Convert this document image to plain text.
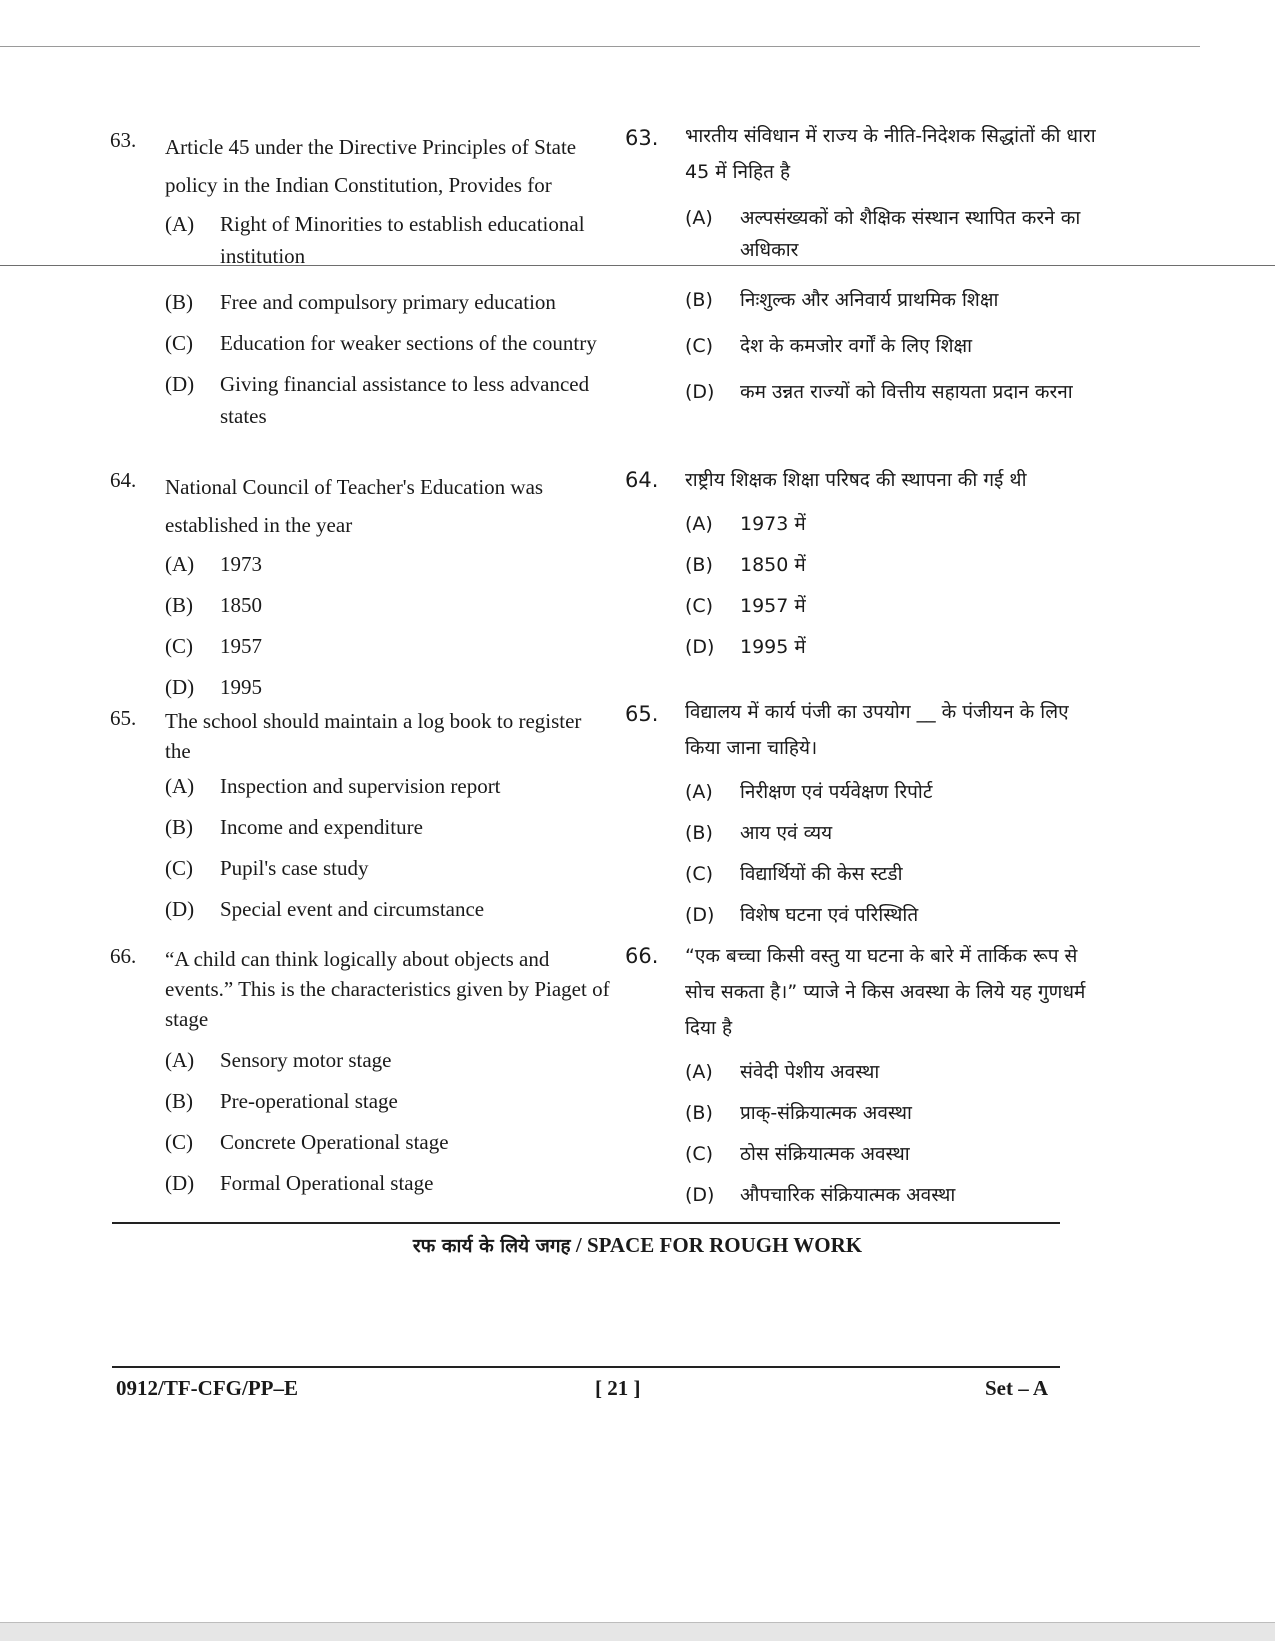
63. Article 45 under the Directive Principles of State policy in the Indian Constitution, Provides for
(A)	Right of Minorities to establish educational institution
(B)	Free and compulsory primary education
(C)	Education for weaker sections of the country
(D)	Giving financial assistance to less advanced states
64. National Council of Teacher's Education was established in the year
(A)	1973
(B)	1850
(C)	1957
(D)	1995
65. The school should maintain a log book to register the
(A)	Inspection and supervision report
(B)	Income and expenditure
(C)	Pupil's case study
(D)	Special event and circumstance
66. “A child can think logically about objects and events.” This is the characteristics given by Piaget of stage
(A)	Sensory motor stage
(B)	Pre-operational stage
(C)	Concrete Operational stage
(D)	Formal Operational stage
63. भारतीय संविधान में राज्य के नीति-निदेशक सिद्धांतों की धारा 45 में निहित है
(A)	अल्पसंख्यकों को शैक्षिक संस्थान स्थापित करने का अधिकार
(B)	निःशुल्क और अनिवार्य प्राथमिक शिक्षा
(C)	देश के कमजोर वर्गों के लिए शिक्षा
(D)	कम उन्नत राज्यों को वित्तीय सहायता प्रदान करना
64. राष्ट्रीय शिक्षक शिक्षा परिषद की स्थापना की गई थी
(A)	1973 में
(B)	1850 में
(C)	1957 में
(D)	1995 में
65. विद्यालय में कार्य पंजी का उपयोग __ के पंजीयन के लिए किया जाना चाहिये।
(A)	निरीक्षण एवं पर्यवेक्षण रिपोर्ट
(B)	आय एवं व्यय
(C)	विद्यार्थियों की केस स्टडी
(D)	विशेष घटना एवं परिस्थिति
66. “एक बच्चा किसी वस्तु या घटना के बारे में तार्किक रूप से सोच सकता है।” प्याजे ने किस अवस्था के लिये यह गुणधर्म दिया है
(A)	संवेदी पेशीय अवस्था
(B)	प्राक्-संक्रियात्मक अवस्था
(C)	ठोस संक्रियात्मक अवस्था
(D)	औपचारिक संक्रियात्मक अवस्था
रफ कार्य के लिये जगह / SPACE FOR ROUGH WORK
0912/TF-CFG/PP–E	[ 21 ]	Set – A
